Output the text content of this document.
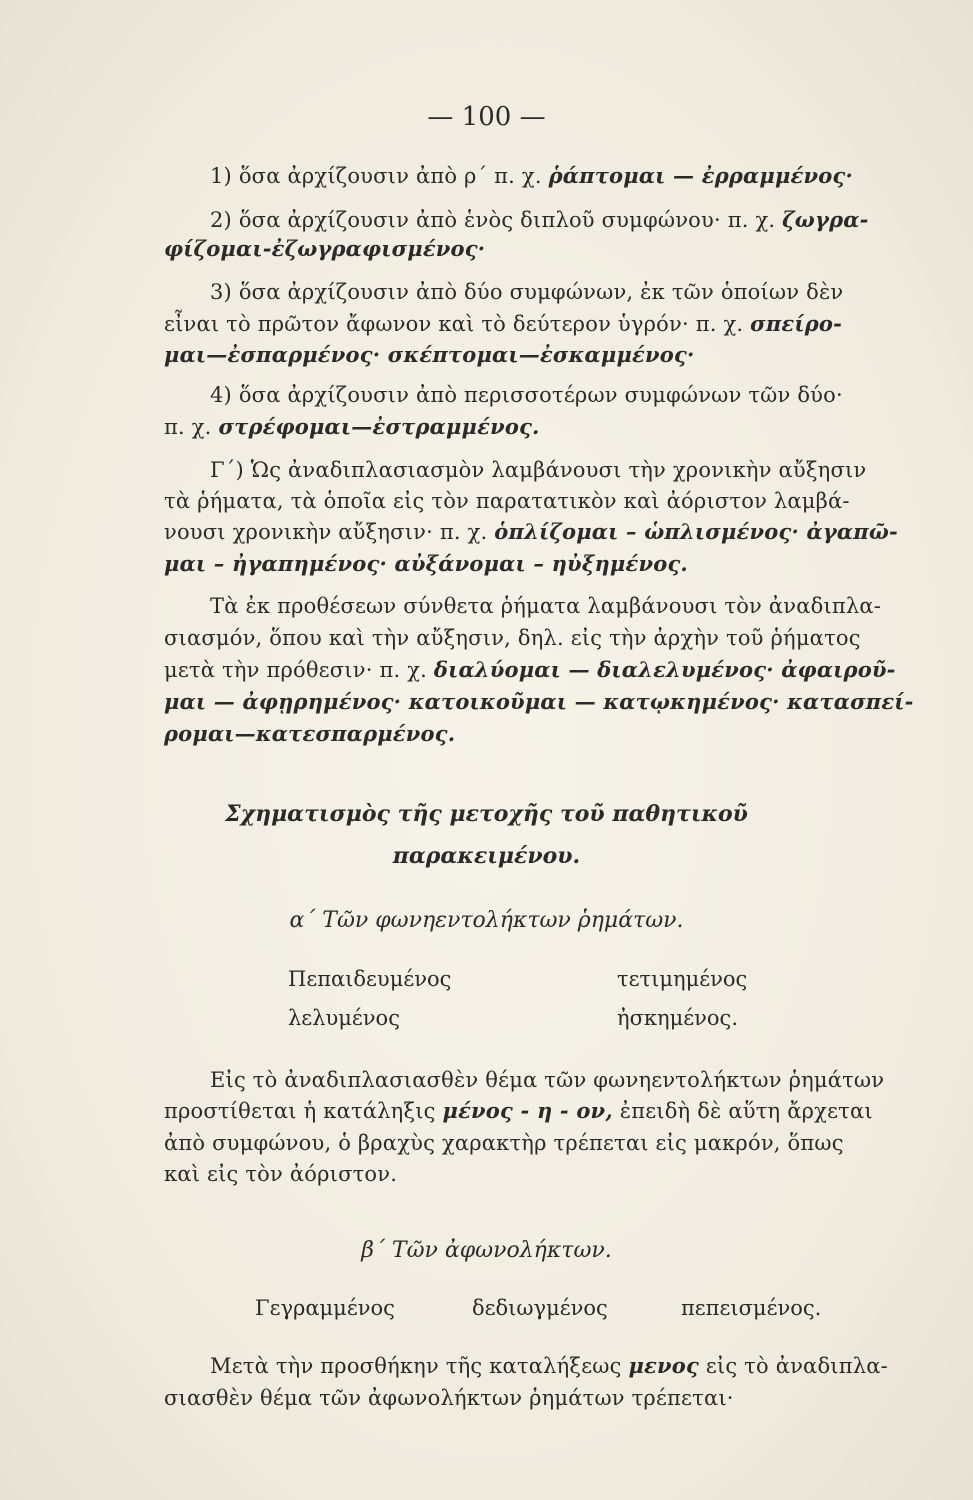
— 100 —
1) ὅσα ἀρχίζουσιν ἀπὸ ρ΄ π. χ. ῥάπτομαι — ἐρραμμένος·
2) ὅσα ἀρχίζουσιν ἀπὸ ἑνὸς διπλοῦ συμφώνου· π. χ. ζωγρα-
φίζομαι-ἐζωγραφισμένος·
3) ὅσα ἀρχίζουσιν ἀπὸ δύο συμφώνων, ἐκ τῶν ὁποίων δὲν
εἶναι τὸ πρῶτον ἄφωνον καὶ τὸ δεύτερον ὑγρόν· π. χ. σπείρο-
μαι—ἐσπαρμένος· σκέπτομαι—ἐσκαμμένος·
4) ὅσα ἀρχίζουσιν ἀπὸ περισσοτέρων συμφώνων τῶν δύο·
π. χ. στρέφομαι—ἐστραμμένος.
Γ΄) Ὡς ἀναδιπλασιασμὸν λαμβάνουσι τὴν χρονικὴν αὔξησιν
τὰ ῥήματα, τὰ ὁποῖα εἰς τὸν παρατατικὸν καὶ ἀόριστον λαμβά-
νουσι χρονικὴν αὔξησιν· π. χ. ὁπλίζομαι – ὡπλισμένος· ἀγαπῶ-
μαι – ἠγαπημένος· αὐξάνομαι – ηὐξημένος.
Τὰ ἐκ προθέσεων σύνθετα ῥήματα λαμβάνουσι τὸν ἀναδιπλα-
σιασμόν, ὅπου καὶ τὴν αὔξησιν, δηλ. εἰς τὴν ἀρχὴν τοῦ ῥήματος
μετὰ τὴν πρόθεσιν· π. χ. διαλύομαι — διαλελυμένος· ἀφαιροῦ-
μαι — ἀφῃρημένος· κατοικοῦμαι — κατῳκημένος· κατασπεί-
ρομαι—κατεσπαρμένος.
Σχηματισμὸς τῆς μετοχῆς τοῦ παθητικοῦ
παρακειμένου.
α΄ Τῶν φωνηεντολήκτων ῥημάτων.
Πεπαιδευμένος	τετιμημένος
λελυμένος	ἠσκημένος.
Εἰς τὸ ἀναδιπλασιασθὲν θέμα τῶν φωνηεντολήκτων ῥημάτων
προστίθεται ἡ κατάληξις μένος - η - ον, ἐπειδὴ δὲ αὕτη ἄρχεται
ἀπὸ συμφώνου, ὁ βραχὺς χαρακτὴρ τρέπεται εἰς μακρόν, ὅπως
καὶ εἰς τὸν ἀόριστον.
β΄ Τῶν ἀφωνολήκτων.
Γεγραμμένος	δεδιωγμένος	πεπεισμένος.
Μετὰ τὴν προσθήκην τῆς καταλήξεως μενος εἰς τὸ ἀναδιπλα-
σιασθὲν θέμα τῶν ἀφωνολήκτων ῥημάτων τρέπεται·
